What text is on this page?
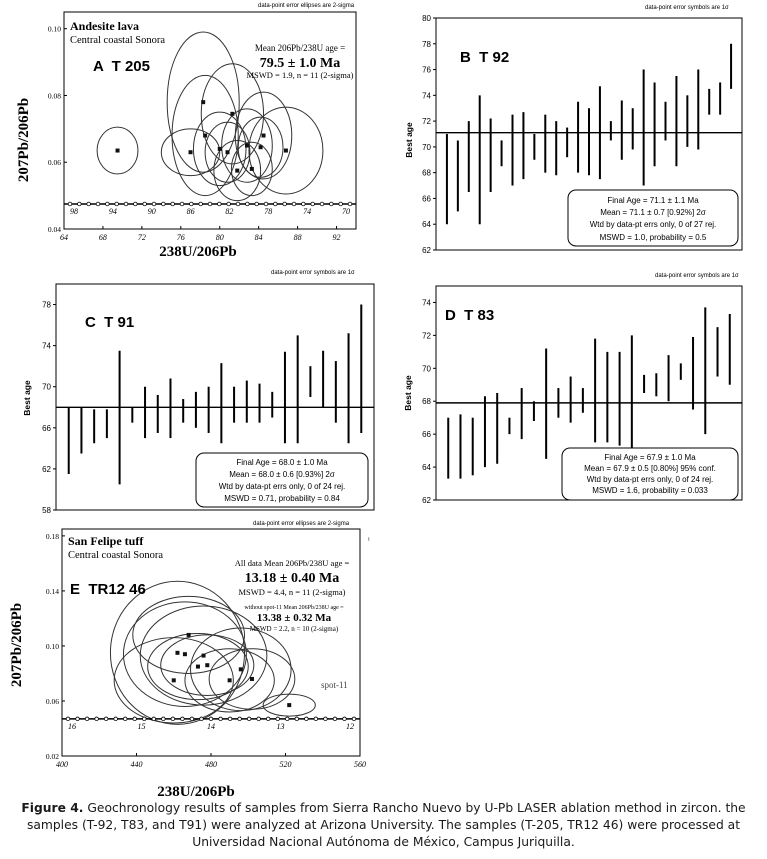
data-point error ellipses are 2-sigma
64	68	72	76	80	84	88	92
0.04
0.06
0.08
0.10
98	94	90	86	82	78	74	70
Andesite lava
Central coastal Sonora
A  T 205
Mean 206Pb/238U age =
79.5 ± 1.0 Ma
MSWD = 1.9, n = 11 (2-sigma)
207Pb/206Pb
238U/206Pb
data-point error symbols are 1σ
62
64
66
68
70
72
74
76
78
80
B  T 92
Best age
Final Age = 71.1 ± 1.1 Ma
Mean = 71.1 ± 0.7 [0.92%] 2σ
Wtd by data-pt errs only, 0 of 27 rej.
MSWD = 1.0, probability = 0.5
data-point error symbols are 1σ
58
62
66
70
74
78
C  T 91
Best age
Final Age = 68.0 ± 1.0 Ma
Mean = 68.0 ± 0.6 [0.93%] 2σ
Wtd by data-pt errs only, 0 of 24 rej.
MSWD = 0.71, probability = 0.84
data-point error symbols are 1σ
62
64
66
68
70
72
74
D  T 83
Best age
Final Age = 67.9 ± 1.0 Ma
Mean = 67.9 ± 0.5 [0.80%] 95% conf.
Wtd by data-pt errs only, 0 of 24 rej.
MSWD = 1.6, probability = 0.033
data-point error ellipses are 2-sigma
ᶦ
400	440	480	520	560
0.02
0.06
0.10
0.14
0.18
16	15	14	13	12
San Felipe tuff
Central coastal Sonora
E  TR12 46
All data Mean 206Pb/238U age =
13.18 ± 0.40 Ma
MSWD = 4.4, n = 11 (2-sigma)
without spot-11 Mean 206Pb/238U age =
13.38 ± 0.32 Ma
MSWD = 2.2, n = 10 (2-sigma)
spot-11
207Pb/206Pb
238U/206Pb
Figure 4. Geochronology results of samples from Sierra Rancho Nuevo by U-Pb LASER ablation method in zircon. the samples (T-92, T83, and T91) were analyzed at Arizona University. The samples (T-205, TR12 46) were processed at Universidad Nacional Autónoma de México, Campus Juriquilla.
